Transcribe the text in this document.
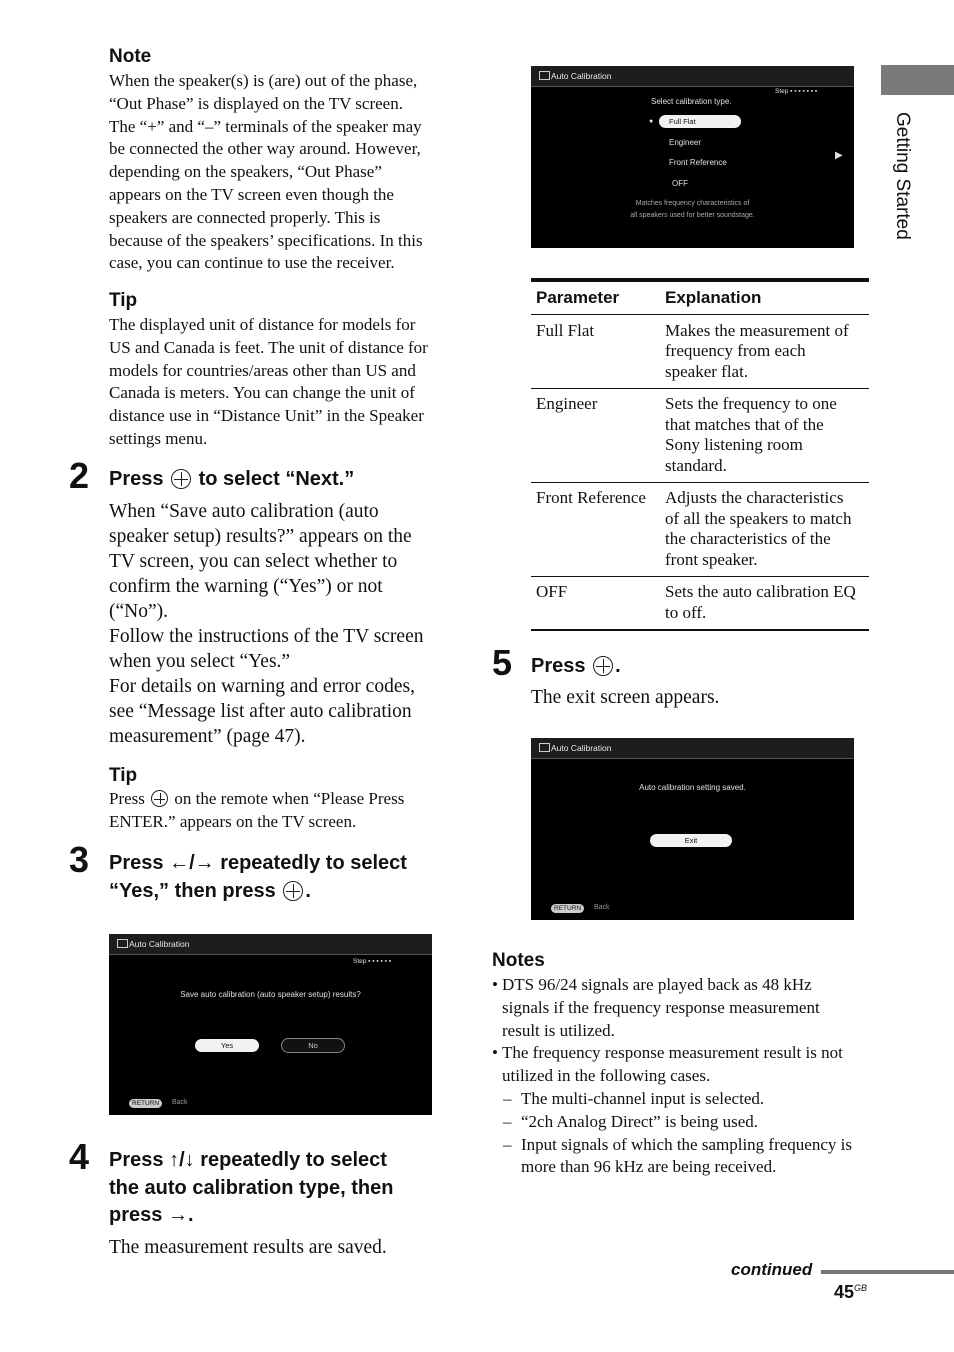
Note
When the speaker(s) is (are) out of the phase,
“Out Phase” is displayed on the TV screen.
The “+” and “–” terminals of the speaker may
be connected the other way around. However,
depending on the speakers, “Out Phase”
appears on the TV screen even though the
speakers are connected properly. This is
because of the speakers’ specifications. In this
case, you can continue to use the receiver.
Tip
The displayed unit of distance for models for
US and Canada is feet. The unit of distance for
models for countries/areas other than US and
Canada is meters. You can change the unit of
distance use in “Distance Unit” in the Speaker
settings menu.
2 Press to select “Next.”
When “Save auto calibration (auto
speaker setup) results?” appears on the
TV screen, you can select whether to
confirm the warning (“Yes”) or not
(“No”).
Follow the instructions of the TV screen
when you select “Yes.”
For details on warning and error codes,
see “Message list after auto calibration
measurement” (page 47).
Tip
Press on the remote when “Please Press
ENTER.” appears on the TV screen.
3 Press ←/→ repeatedly to select
“Yes,” then press .
Auto Calibration
Step ▪ ▪ ▪ ▪ ▪ ▪
Save auto calibration (auto speaker setup) results?
Yes	No
RETURN	Back
4 Press ↑/↓ repeatedly to select
the auto calibration type, then
press →.
The measurement results are saved.
Auto Calibration
Step ▪ ▪ ▪ ▪ ▪ ▪ ▪
Select calibration type.
●	Full Flat
Engineer
Front Reference
OFF
▶
Matches frequency characteristics of
all speakers used for better soundstage.
Parameter	Explanation
Full Flat	Makes the measurement of
frequency from each
speaker flat.

Engineer	Sets the frequency to one
that matches that of the
Sony listening room
standard.

Front Reference	Adjusts the characteristics
of all the speakers to match
the characteristics of the
front speaker.

OFF	Sets the auto calibration EQ
to off.
5 Press .
The exit screen appears.
Auto Calibration
Auto calibration setting saved.
Exit
RETURN	Back
Notes
• DTS 96/24 signals are played back as 48 kHz
signals if the frequency response measurement
result is utilized.
• The frequency response measurement result is not
utilized in the following cases.
– The multi-channel input is selected.
– “2ch Analog Direct” is being used.
– Input signals of which the sampling frequency is
more than 96 kHz are being received.
Getting Started
continued
$45^{GB}$
